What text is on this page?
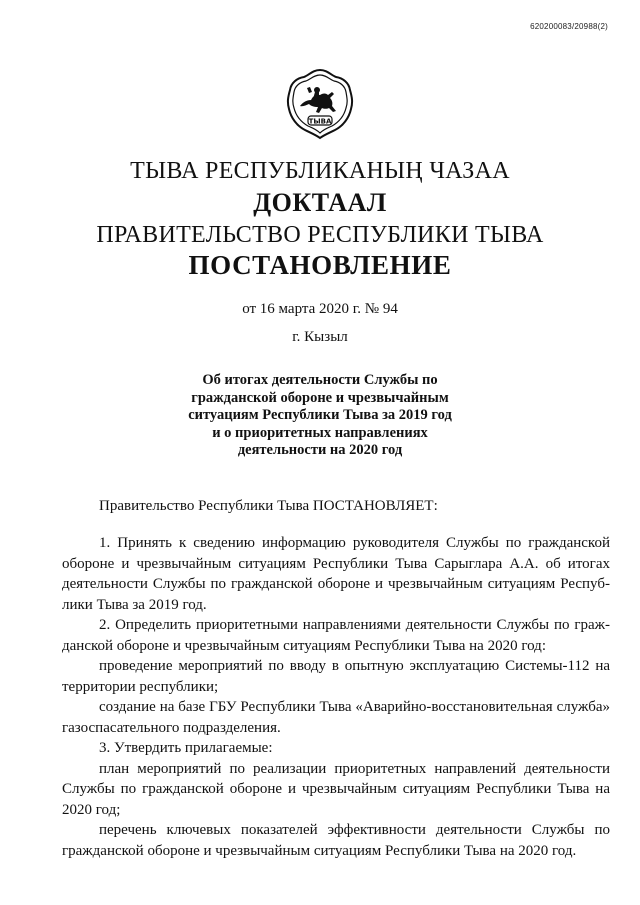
620200083/20988(2)
ТЫВА
ТЫВА РЕСПУБЛИКАНЫҢ ЧАЗАА
ДОКТААЛ
ПРАВИТЕЛЬСТВО РЕСПУБЛИКИ ТЫВА
ПОСТАНОВЛЕНИЕ
от 16 марта 2020 г. № 94
г. Кызыл
Об итогах деятельности Службы по
гражданской обороне и чрезвычайным
ситуациям Республики Тыва за 2019 год
и о приоритетных направлениях
деятельности на 2020 год

Правительство Республики Тыва ПОСТАНОВЛЯЕТ:

1. Принять к сведению информацию руководителя Службы по гражданской обороне и чрезвычайным ситуациям Республики Тыва Сарыглара А.А. об итогах деятельности Службы по гражданской обороне и чрезвычайным ситуациям Республики Тыва за 2019 год.

2. Определить приоритетными направлениями деятельности Службы по гражданской обороне и чрезвычайным ситуациям Республики Тыва на 2020 год:

проведение мероприятий по вводу в опытную эксплуатацию Системы-112 на территории республики;

создание на базе ГБУ Республики Тыва «Аварийно-восстановительная служба» газоспасательного подразделения.

3. Утвердить прилагаемые:

план мероприятий по реализации приоритетных направлений деятельности Службы по гражданской обороне и чрезвычайным ситуациям Республики Тыва на 2020 год;

перечень ключевых показателей эффективности деятельности Службы по гражданской обороне и чрезвычайным ситуациям Республики Тыва на 2020 год.
